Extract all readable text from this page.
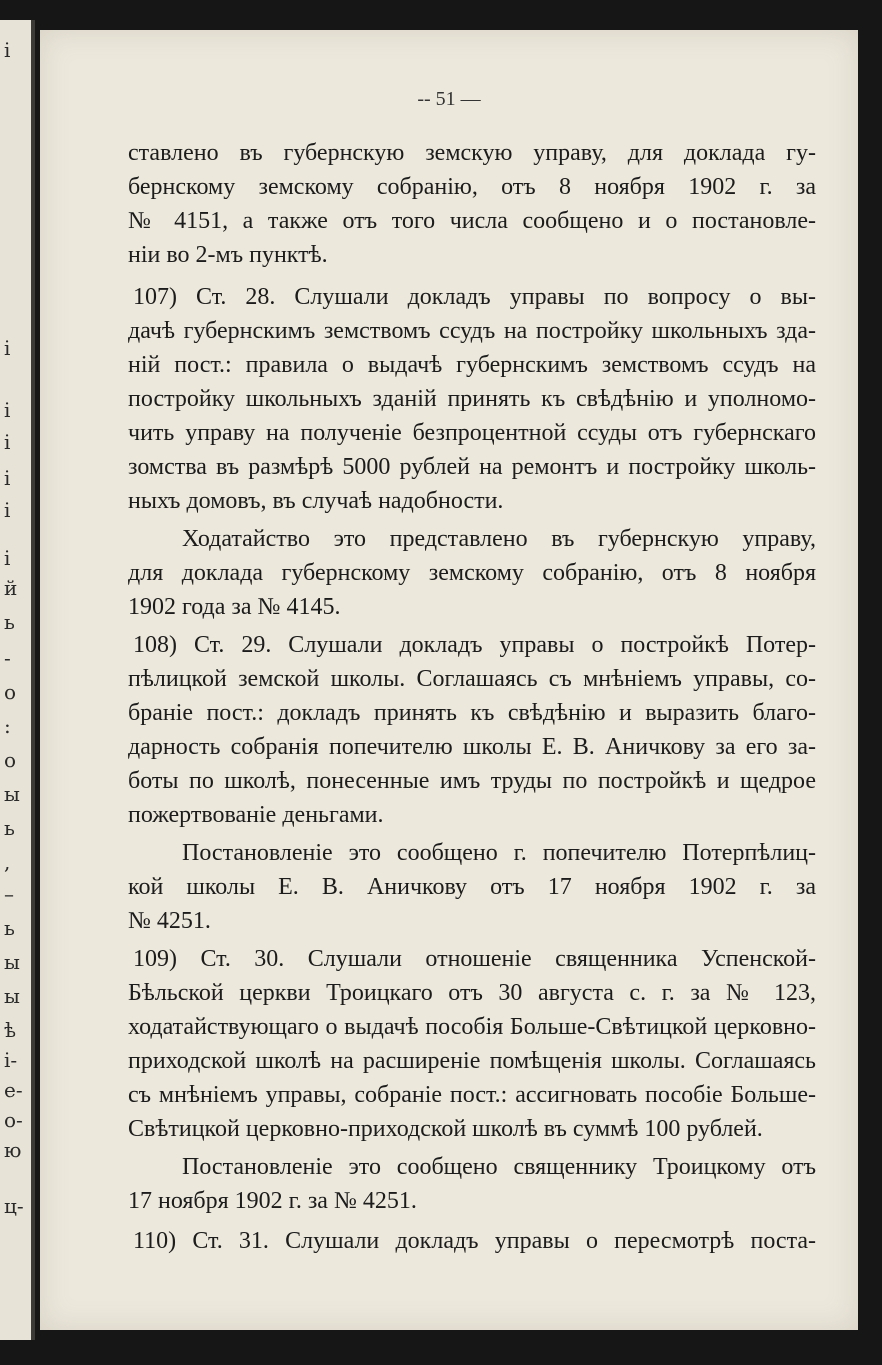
і
і
і
і
і
і
і
й
ь
-
о
:
о
ы
ь
,
–
ь
ы
ы
ѣ
і-
е-
о-
ю
ц-
-- 51 —
ставлено въ губернскую земскую управу, для доклада гу-
бернскому земскому собранію, отъ 8 ноября 1902 г. за
№ 4151, а также отъ того числа сообщено и о постановле-
ніи во 2-мъ пунктѣ.
107) Ст. 28. Слушали докладъ управы по вопросу о вы-
дачѣ губернскимъ земствомъ ссудъ на постройку школьныхъ зда-
ній пост.: правила о выдачѣ губернскимъ земствомъ ссудъ на
постройку школьныхъ зданій принять къ свѣдѣнію и уполномо-
чить управу на полученіе безпроцентной ссуды отъ губернскаго
зомства въ размѣрѣ 5000 рублей на ремонтъ и постройку школь-
ныхъ домовъ, въ случаѣ надобности.
Ходатайство это представлено въ губернскую управу,
для доклада губернскому земскому собранію, отъ 8 ноября
1902 года за № 4145.
108) Ст. 29. Слушали докладъ управы о постройкѣ Потер-
пѣлицкой земской школы. Соглашаясь съ мнѣніемъ управы, со-
браніе пост.: докладъ принять къ свѣдѣнію и выразить благо-
дарность собранія попечителю школы Е. В. Аничкову за его за-
боты по школѣ, понесенные имъ труды по постройкѣ и щедрое
пожертвованіе деньгами.
Постановленіе это сообщено г. попечителю Потерпѣлиц-
кой школы Е. В. Аничкову отъ 17 ноября 1902 г. за
№ 4251.
109) Ст. 30. Слушали отношеніе священника Успенской-
Бѣльской церкви Троицкаго отъ 30 августа с. г. за № 123,
ходатайствующаго о выдачѣ пособія Больше-Свѣтицкой церковно-
приходской школѣ на расширеніе помѣщенія школы. Соглашаясь
съ мнѣніемъ управы, собраніе пост.: ассигновать пособіе Больше-
Свѣтицкой церковно-приходской школѣ въ суммѣ 100 рублей.
Постановленіе это сообщено священнику Троицкому отъ
17 ноября 1902 г. за № 4251.
110) Ст. 31. Слушали докладъ управы о пересмотрѣ поста-
